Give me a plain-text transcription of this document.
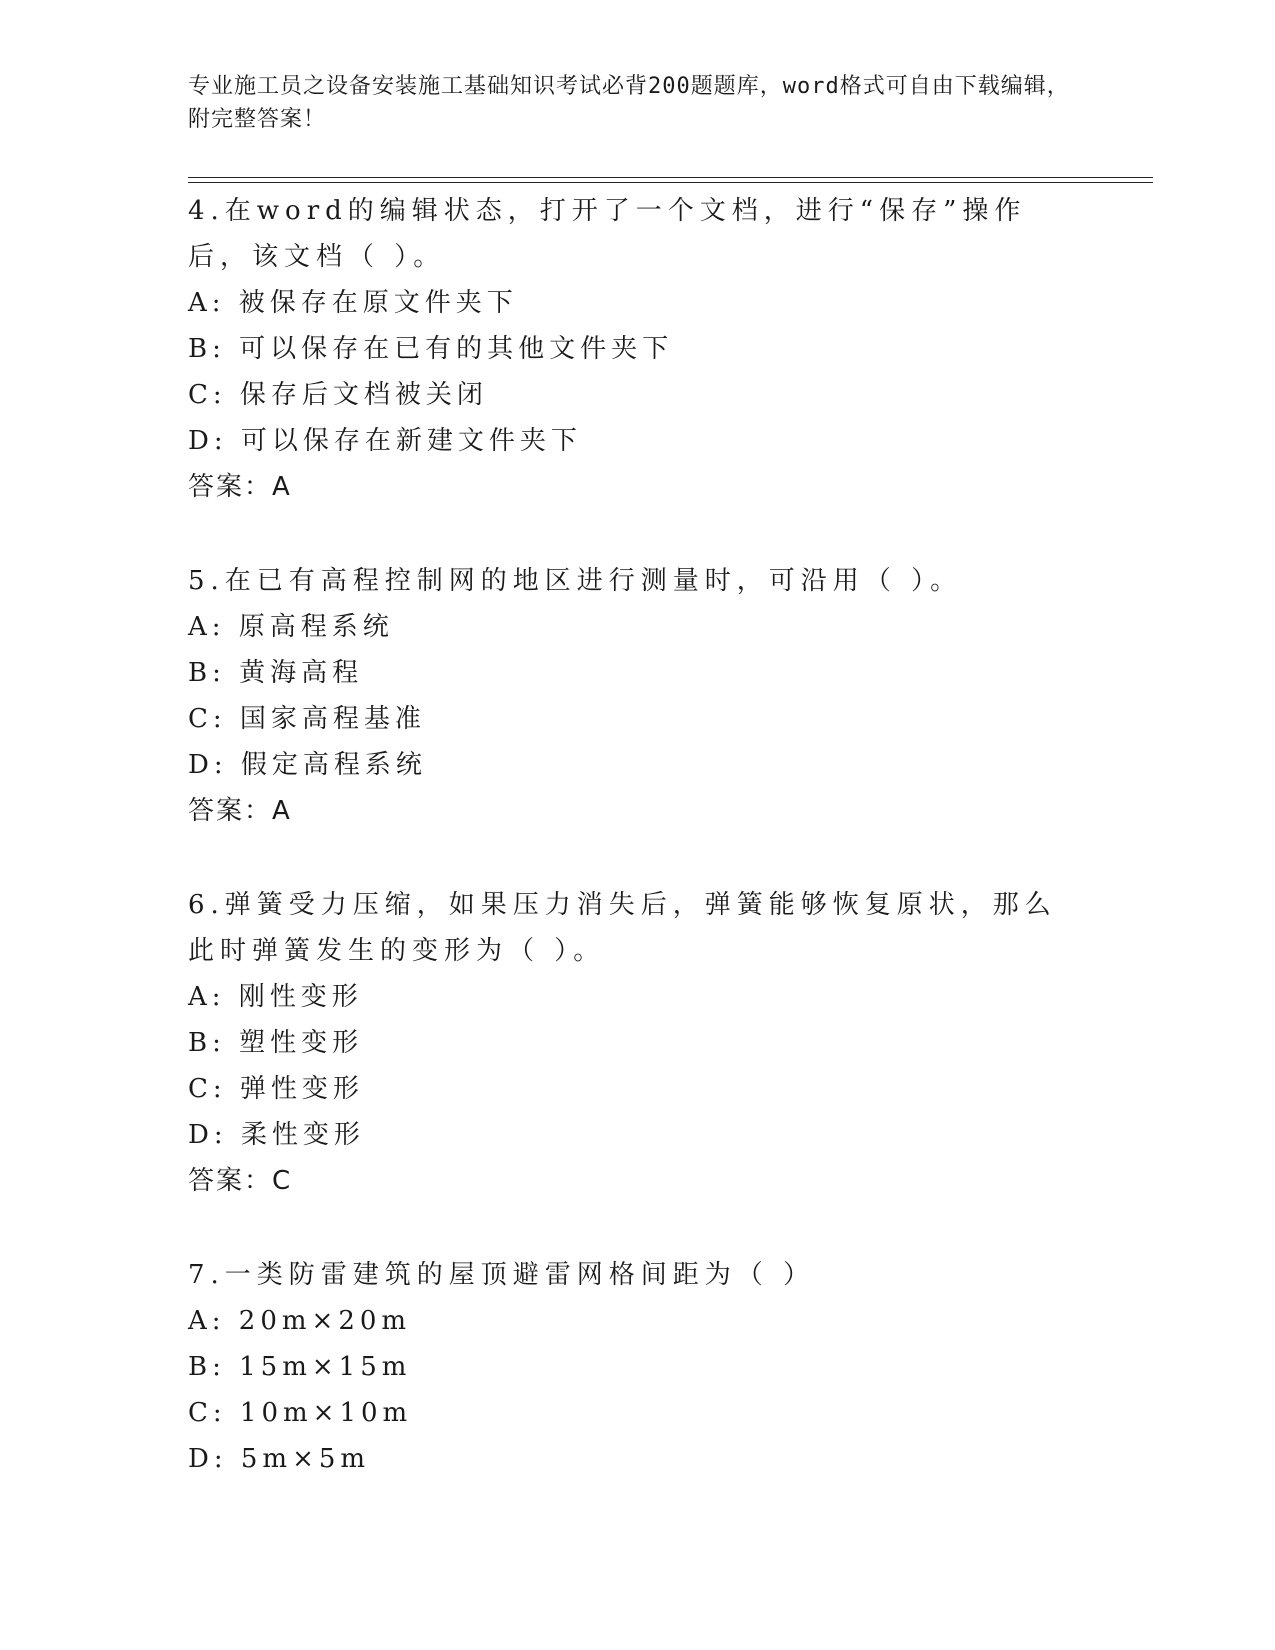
专业施工员之设备安装施工基础知识考试必背200题题库，word格式可自由下载编辑，附完整答案！

4.在word的编辑状态，打开了一个文档，进行“保存”操作后，该文档（ ）。

A: 被保存在原文件夹下

B: 可以保存在已有的其他文件夹下

C: 保存后文档被关闭

D: 可以保存在新建文件夹下

答案：A

5.在已有高程控制网的地区进行测量时，可沿用（ ）。

A: 原高程系统

B: 黄海高程

C: 国家高程基准

D: 假定高程系统

答案：A

6.弹簧受力压缩，如果压力消失后，弹簧能够恢复原状，那么此时弹簧发生的变形为（ ）。

A: 刚性变形

B: 塑性变形

C: 弹性变形

D: 柔性变形

答案：C

7.一类防雷建筑的屋顶避雷网格间距为（ ）

A: 20m×20m

B: 15m×15m

C: 10m×10m

D: 5m×5m
